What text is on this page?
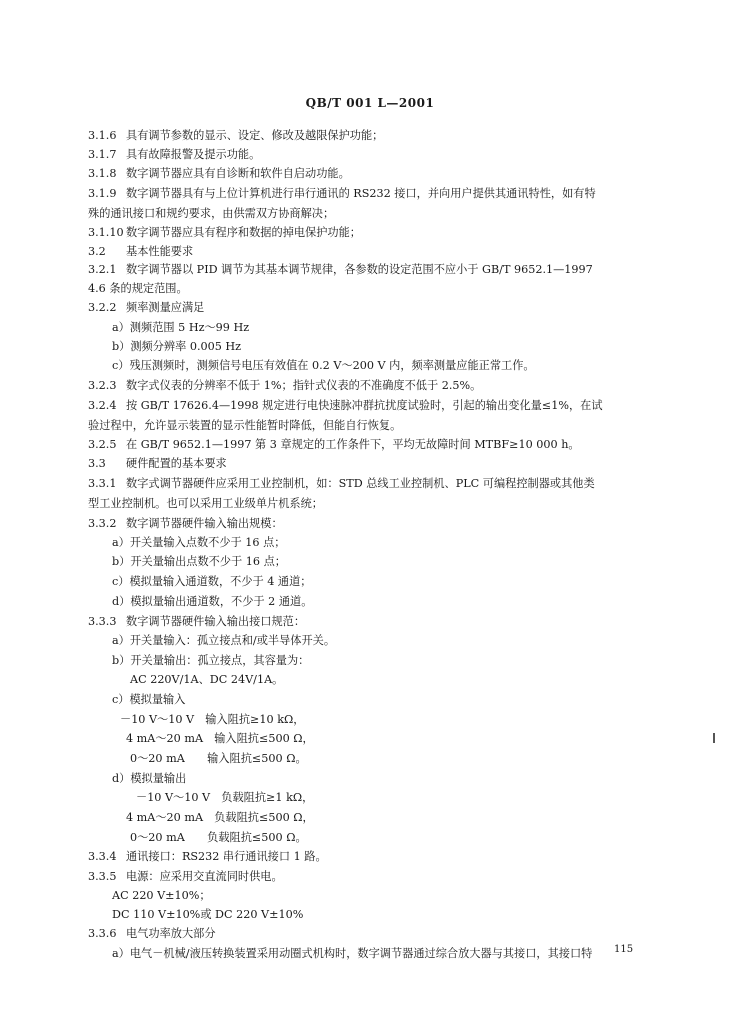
QB/T 001 L—2001
3.1.6 具有调节参数的显示、设定、修改及越限保护功能；
3.1.7 具有故障报警及提示功能。
3.1.8 数字调节器应具有自诊断和软件自启动功能。
3.1.9 数字调节器具有与上位计算机进行串行通讯的 RS232 接口，并向用户提供其通讯特性，如有特
殊的通讯接口和规约要求，由供需双方协商解决；
3.1.10 数字调节器应具有程序和数据的掉电保护功能；
3.2 基本性能要求
3.2.1 数字调节器以 PID 调节为其基本调节规律，各参数的设定范围不应小于 GB/T 9652.1—1997
4.6 条的规定范围。
3.2.2 频率测量应满足
a）测频范围 5 Hz～99 Hz
b）测频分辨率 0.005 Hz
c）残压测频时，测频信号电压有效值在 0.2 V～200 V 内，频率测量应能正常工作。
3.2.3 数字式仪表的分辨率不低于 1%；指针式仪表的不准确度不低于 2.5%。
3.2.4 按 GB/T 17626.4—1998 规定进行电快速脉冲群抗扰度试验时，引起的输出变化量≤1%，在试
验过程中，允许显示装置的显示性能暂时降低，但能自行恢复。
3.2.5 在 GB/T 9652.1—1997 第 3 章规定的工作条件下，平均无故障时间 MTBF≥10 000 h。
3.3 硬件配置的基本要求
3.3.1 数字式调节器硬件应采用工业控制机，如：STD 总线工业控制机、PLC 可编程控制器或其他类
型工业控制机。也可以采用工业级单片机系统；
3.3.2 数字调节器硬件输入输出规模：
a）开关量输入点数不少于 16 点；
b）开关量输出点数不少于 16 点；
c）模拟量输入通道数，不少于 4 通道；
d）模拟量输出通道数，不少于 2 通道。
3.3.3 数字调节器硬件输入输出接口规范：
a）开关量输入：孤立接点和/或半导体开关。
b）开关量输出：孤立接点，其容量为：
AC 220V/1A、DC 24V/1A。
c）模拟量输入
－10 V～10 V　输入阻抗≥10 kΩ，
4 mA～20 mA　输入阻抗≤500 Ω，
0～20 mA　　输入阻抗≤500 Ω。
d）模拟量输出
－10 V～10 V　负载阻抗≥1 kΩ，
4 mA～20 mA　负载阻抗≤500 Ω，
0～20 mA　　负载阻抗≤500 Ω。
3.3.4 通讯接口：RS232 串行通讯接口 1 路。
3.3.5 电源：应采用交直流同时供电。
AC 220 V±10%；
DC 110 V±10%或 DC 220 V±10%
3.3.6 电气功率放大部分
a）电气－机械/液压转换装置采用动圈式机构时，数字调节器通过综合放大器与其接口，其接口特 115
